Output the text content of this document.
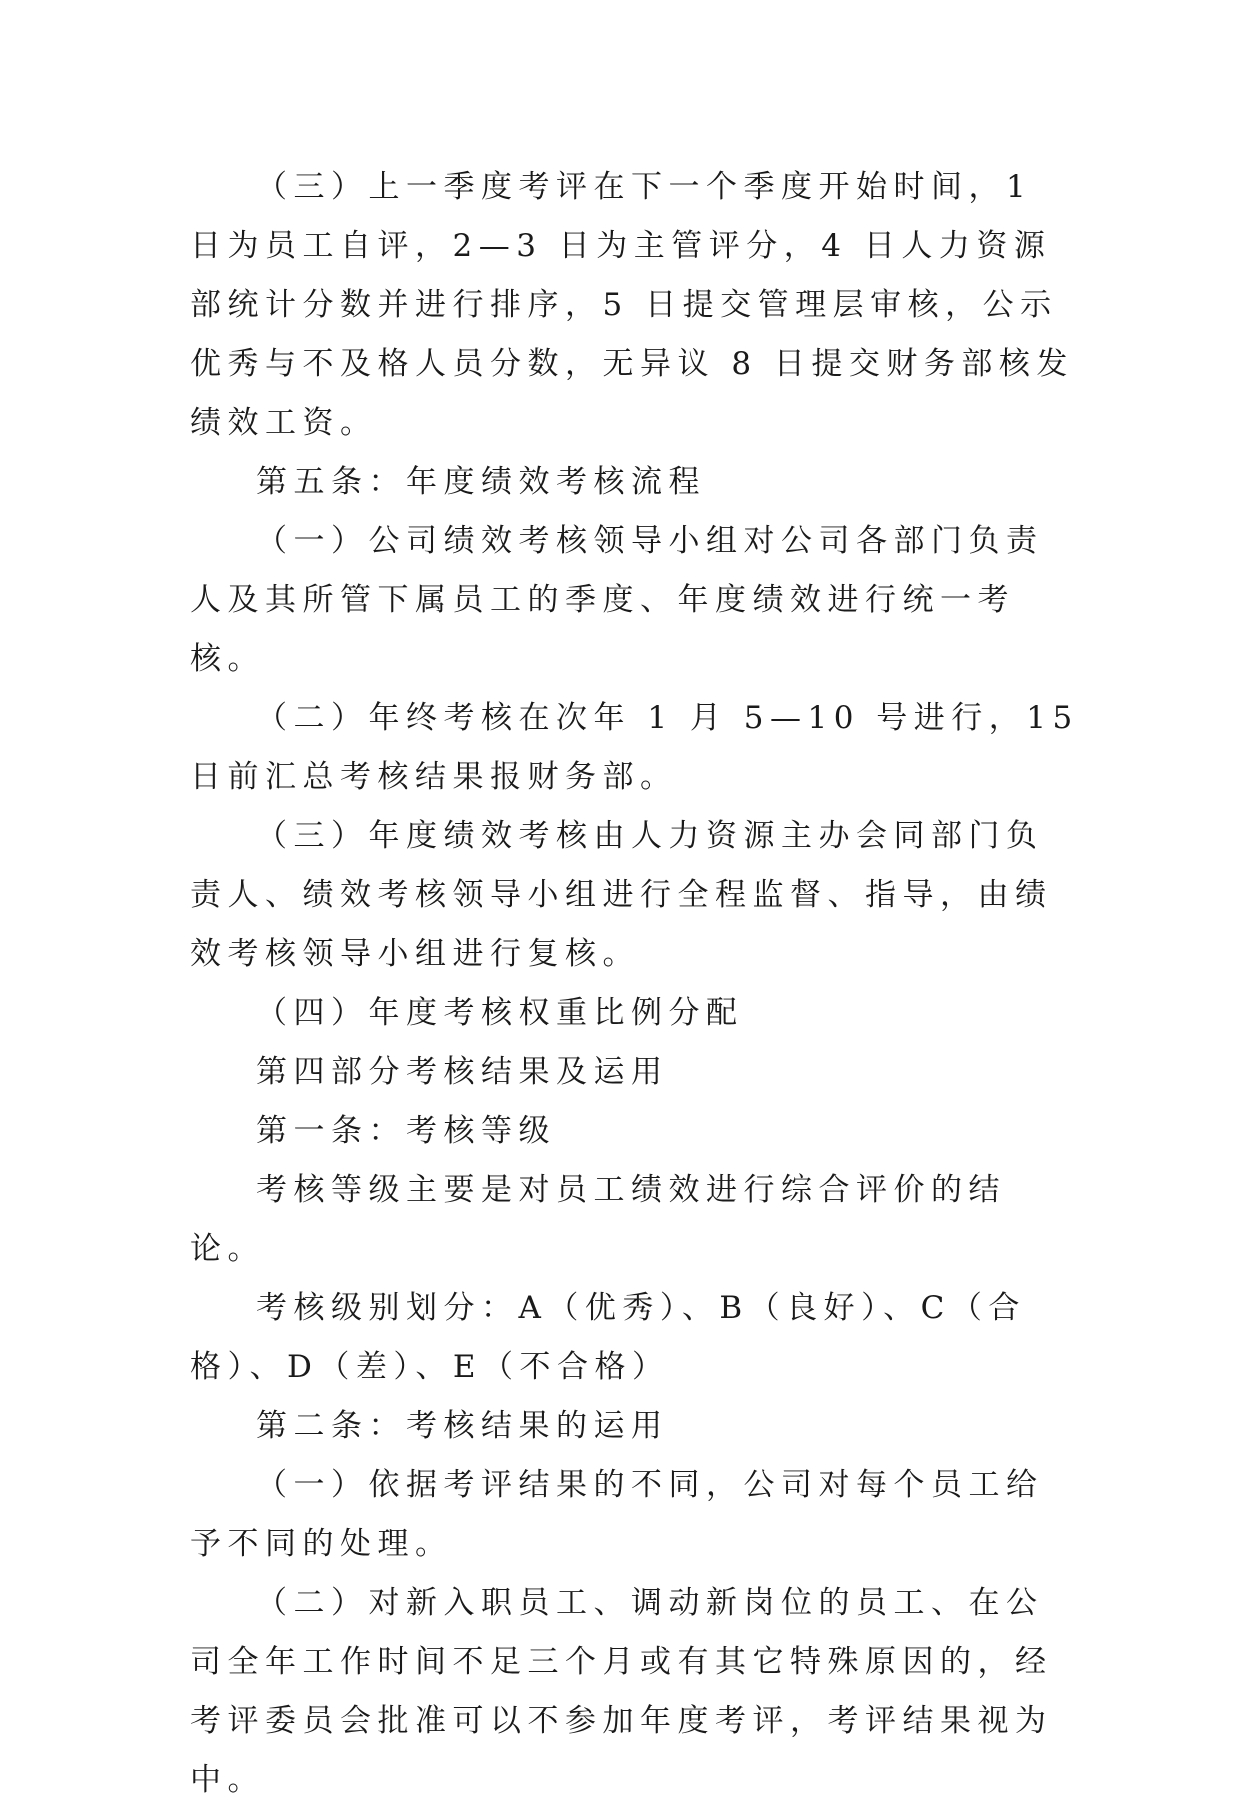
（三）上一季度考评在下一个季度开始时间，1 日为员工自评，2—3 日为主管评分，4 日人力资源部统计分数并进行排序，5 日提交管理层审核，公示优秀与不及格人员分数，无异议 8 日提交财务部核发绩效工资。

第五条：年度绩效考核流程

（一）公司绩效考核领导小组对公司各部门负责人及其所管下属员工的季度、年度绩效进行统一考核。

（二）年终考核在次年 1 月 5—10 号进行，15 日前汇总考核结果报财务部。

（三）年度绩效考核由人力资源主办会同部门负责人、绩效考核领导小组进行全程监督、指导，由绩效考核领导小组进行复核。

（四）年度考核权重比例分配

第四部分考核结果及运用

第一条：考核等级

考核等级主要是对员工绩效进行综合评价的结论。

考核级别划分：A（优秀）、B（良好）、C（合格）、D（差）、E（不合格）

第二条：考核结果的运用

（一）依据考评结果的不同，公司对每个员工给予不同的处理。

（二）对新入职员工、调动新岗位的员工、在公司全年工作时间不足三个月或有其它特殊原因的，经考评委员会批准可以不参加年度考评，考评结果视为中。
